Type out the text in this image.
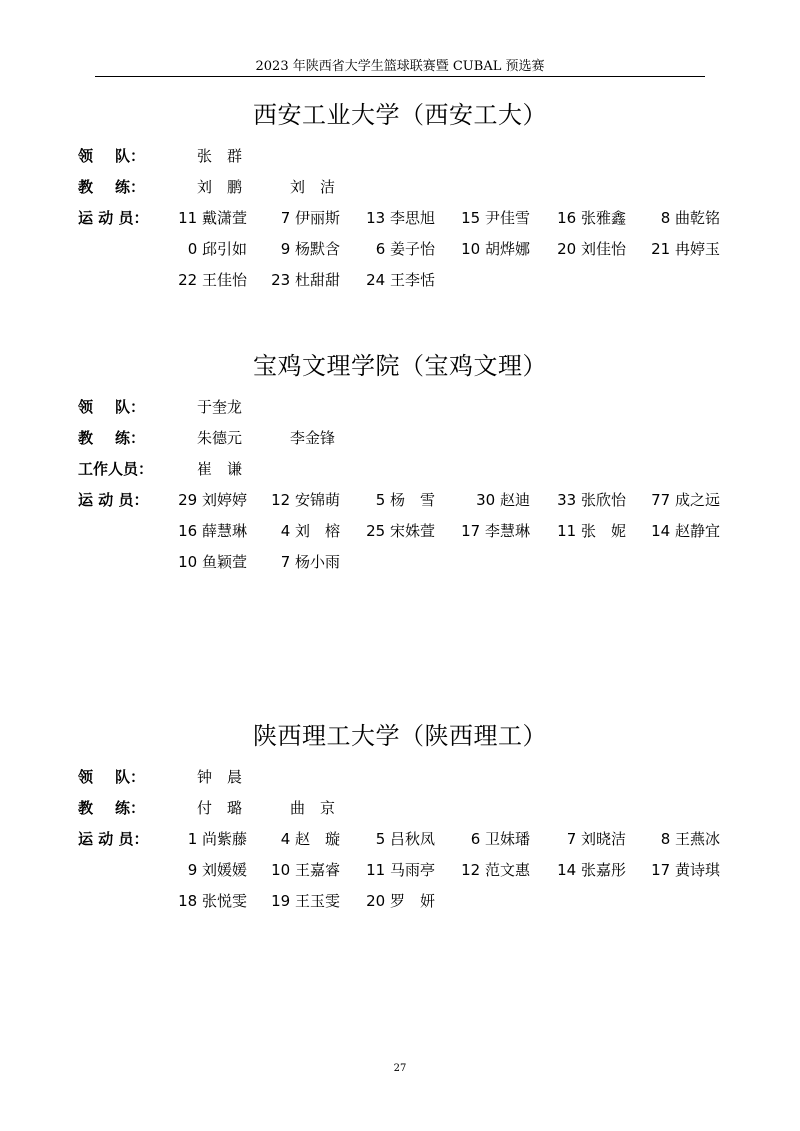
2023 年陕西省大学生篮球联赛暨 CUBAL 预选赛
西安工业大学（西安工大）
领 队：	张　群
教 练：	刘　鹏	刘　洁
运 动 员：	11 戴潇萱	7 伊丽斯	13 李思旭	15 尹佳雪	16 张雅鑫	8 曲乾铭
0 邱引如	9 杨默含	6 姜子怡	10 胡烨娜	20 刘佳怡	21 冉婷玉
22 王佳怡	23 杜甜甜	24 王李恬
宝鸡文理学院（宝鸡文理）
领 队：	于奎龙
教 练：	朱德元	李金锋
工作人员：	崔　谦
运 动 员：	29 刘婷婷	12 安锦萌	5 杨　雪	30 赵迪	33 张欣怡	77 成之远
16 薛慧琳	4 刘　榕	25 宋姝萱	17 李慧琳	11 张　妮	14 赵静宜
10 鱼颖萱	7 杨小雨
陕西理工大学（陕西理工）
领 队：	钟　晨
教 练：	付　璐	曲　京
运 动 员：	1 尚紫藤	4 赵　璇	5 吕秋凤	6 卫妹璠	7 刘晓洁	8 王燕冰
9 刘媛媛	10 王嘉睿	11 马雨亭	12 范文惠	14 张嘉彤	17 黄诗琪
18 张悦雯	19 王玉雯	20 罗　妍
27
